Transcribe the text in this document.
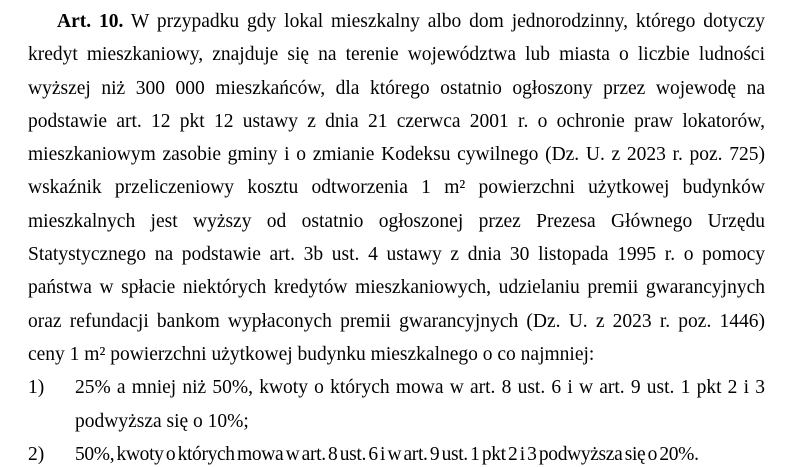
Art. 10. W przypadku gdy lokal mieszkalny albo dom jednorodzinny, którego dotyczy kredyt mieszkaniowy, znajduje się na terenie województwa lub miasta o liczbie ludności wyższej niż 300 000 mieszkańców, dla którego ostatnio ogłoszony przez wojewodę na podstawie art. 12 pkt 12 ustawy z dnia 21 czerwca 2001 r. o ochronie praw lokatorów, mieszkaniowym zasobie gminy i o zmianie Kodeksu cywilnego (Dz. U. z 2023 r. poz. 725) wskaźnik przeliczeniowy kosztu odtworzenia 1 m² powierzchni użytkowej budynków mieszkalnych jest wyższy od ostatnio ogłoszonej przez Prezesa Głównego Urzędu Statystycznego na podstawie art. 3b ust. 4 ustawy z dnia 30 listopada 1995 r. o pomocy państwa w spłacie niektórych kredytów mieszkaniowych, udzielaniu premii gwarancyjnych oraz refundacji bankom wypłaconych premii gwarancyjnych (Dz. U. z 2023 r. poz. 1446) ceny 1 m² powierzchni użytkowej budynku mieszkalnego o co najmniej:

1) 25% a mniej niż 50%, kwoty o których mowa w art. 8 ust. 6 i w art. 9 ust. 1 pkt 2 i 3 podwyższa się o 10%;
2) 50%, kwoty o których mowa w art. 8 ust. 6 i w art. 9 ust. 1 pkt 2 i 3 podwyższa się o 20%.
